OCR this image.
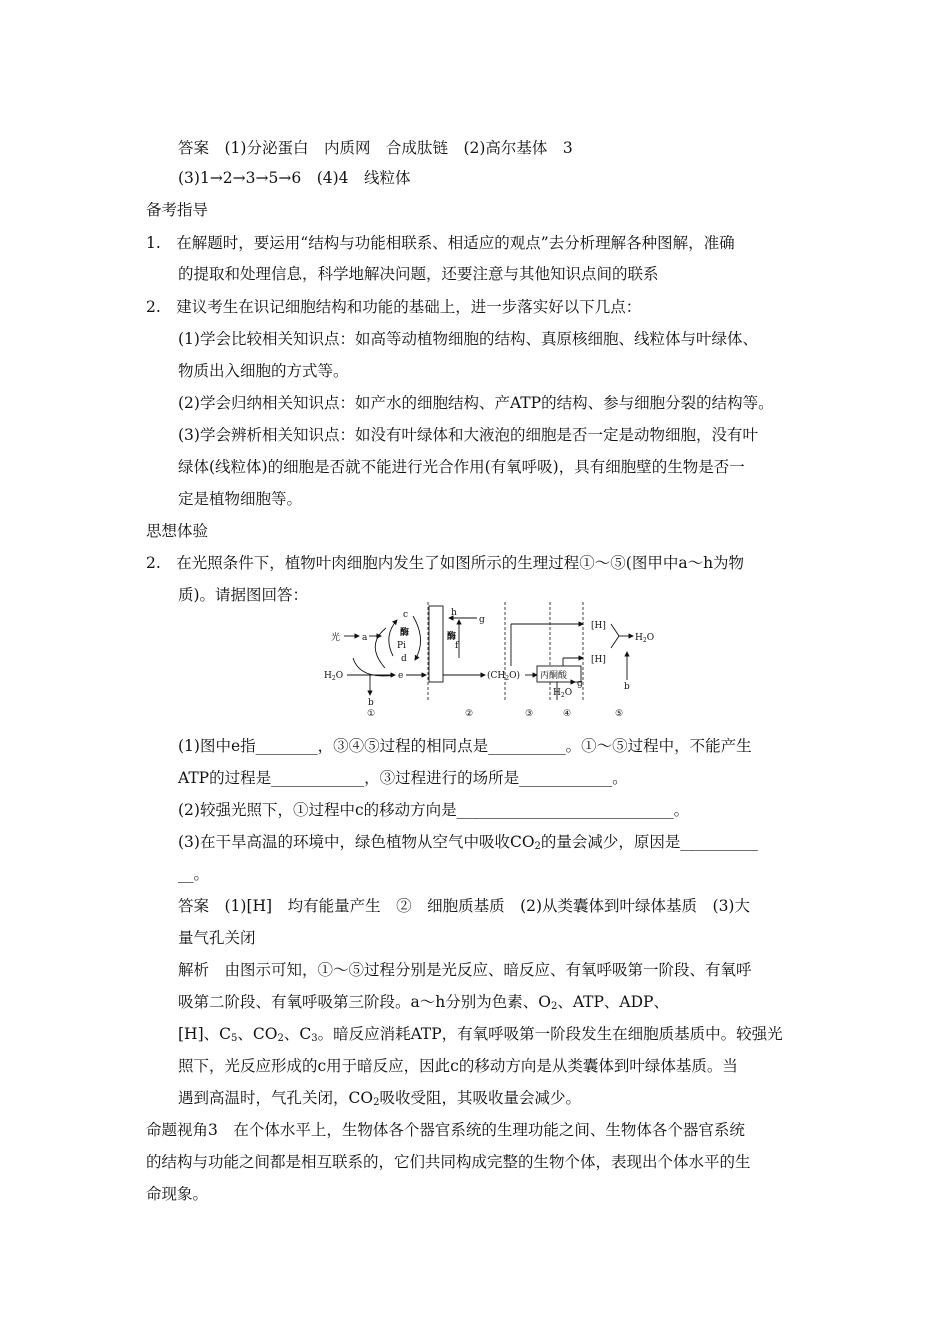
答案　(1)分泌蛋白　内质网　合成肽链　(2)高尔基体　3
(3)1→2→3→5→6　(4)4　线粒体
备考指导
1.　在解题时，要运用“结构与功能相联系、相适应的观点”去分析理解各种图解，准确
的提取和处理信息，科学地解决问题，还要注意与其他知识点间的联系
2.　建议考生在识记细胞结构和功能的基础上，进一步落实好以下几点：
(1)学会比较相关知识点：如高等动植物细胞的结构、真原核细胞、线粒体与叶绿体、
物质出入细胞的方式等。
(2)学会归纳相关知识点：如产水的细胞结构、产ATP的结构、参与细胞分裂的结构等。
(3)学会辨析相关知识点：如没有叶绿体和大液泡的细胞是否一定是动物细胞，没有叶
绿体(线粒体)的细胞是否就不能进行光合作用(有氧呼吸)，具有细胞壁的生物是否一
定是植物细胞等。
思想体验
2.　在光照条件下，植物叶肉细胞内发生了如图所示的生理过程①～⑤(图甲中a～h为物
质)。请据图回答：
光 a
$H_2O$
b
e
c
酶
Pi
d
h
g
酶
f
$(CH_2O)$ 丙酮酸
g
$H_2O$
[H]
[H]
$H_2O$
b
①	②	③	④	⑤
(1)图中e指________，③④⑤过程的相同点是__________。①～⑤过程中，不能产生
ATP的过程是____________，③过程进行的场所是____________。
(2)较强光照下，①过程中c的移动方向是____________________________。
(3)在干旱高温的环境中，绿色植物从空气中吸收$CO_2$的量会减少，原因是__________
__。
答案　(1)[H]　均有能量产生　②　细胞质基质　(2)从类囊体到叶绿体基质　(3)大
量气孔关闭
解析　由图示可知，①～⑤过程分别是光反应、暗反应、有氧呼吸第一阶段、有氧呼
吸第二阶段、有氧呼吸第三阶段。a～h分别为色素、$O_2$、ATP、ADP、
[H]、$C_5$、$CO_2$、$C_3$。暗反应消耗ATP，有氧呼吸第一阶段发生在细胞质基质中。较强光
照下，光反应形成的c用于暗反应，因此c的移动方向是从类囊体到叶绿体基质。当
遇到高温时，气孔关闭，$CO_2$吸收受阻，其吸收量会减少。
命题视角3　在个体水平上，生物体各个器官系统的生理功能之间、生物体各个器官系统
的结构与功能之间都是相互联系的，它们共同构成完整的生物个体，表现出个体水平的生
命现象。
